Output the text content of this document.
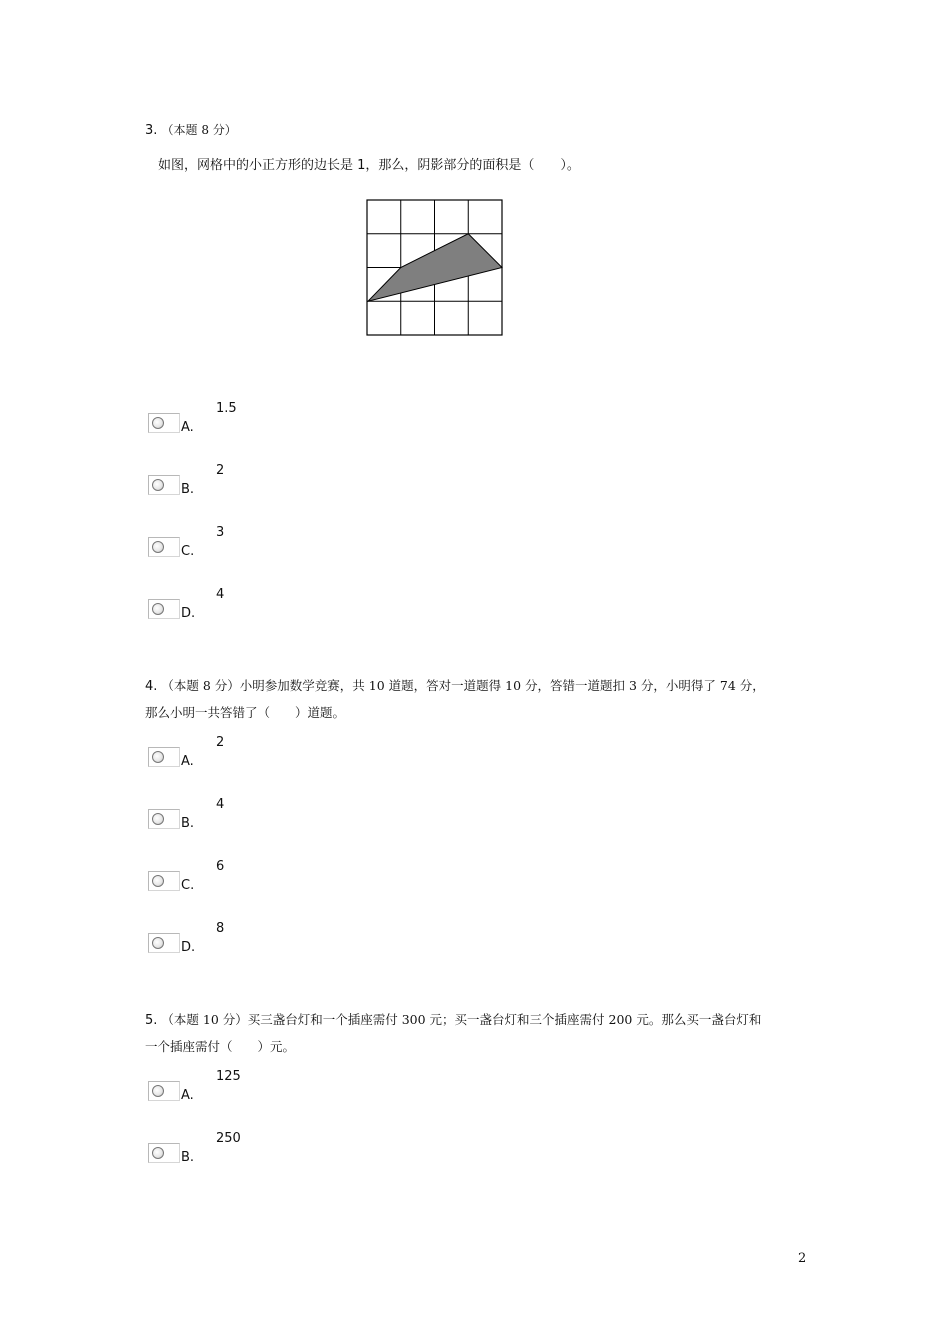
3. （本题 8 分）
如图，网格中的小正方形的边长是 1，那么，阴影部分的面积是（　　）。
A.
1.5
B.
2
C.
3
D.
4
4. （本题 8 分）小明参加数学竞赛，共 10 道题，答对一道题得 10 分，答错一道题扣 3 分，小明得了 74 分，
那么小明一共答错了（　　）道题。
A.
2
B.
4
C.
6
D.
8
5. （本题 10 分）买三盏台灯和一个插座需付 300 元；买一盏台灯和三个插座需付 200 元。那么买一盏台灯和
一个插座需付（　　）元。
A.
125
B.
250
2
